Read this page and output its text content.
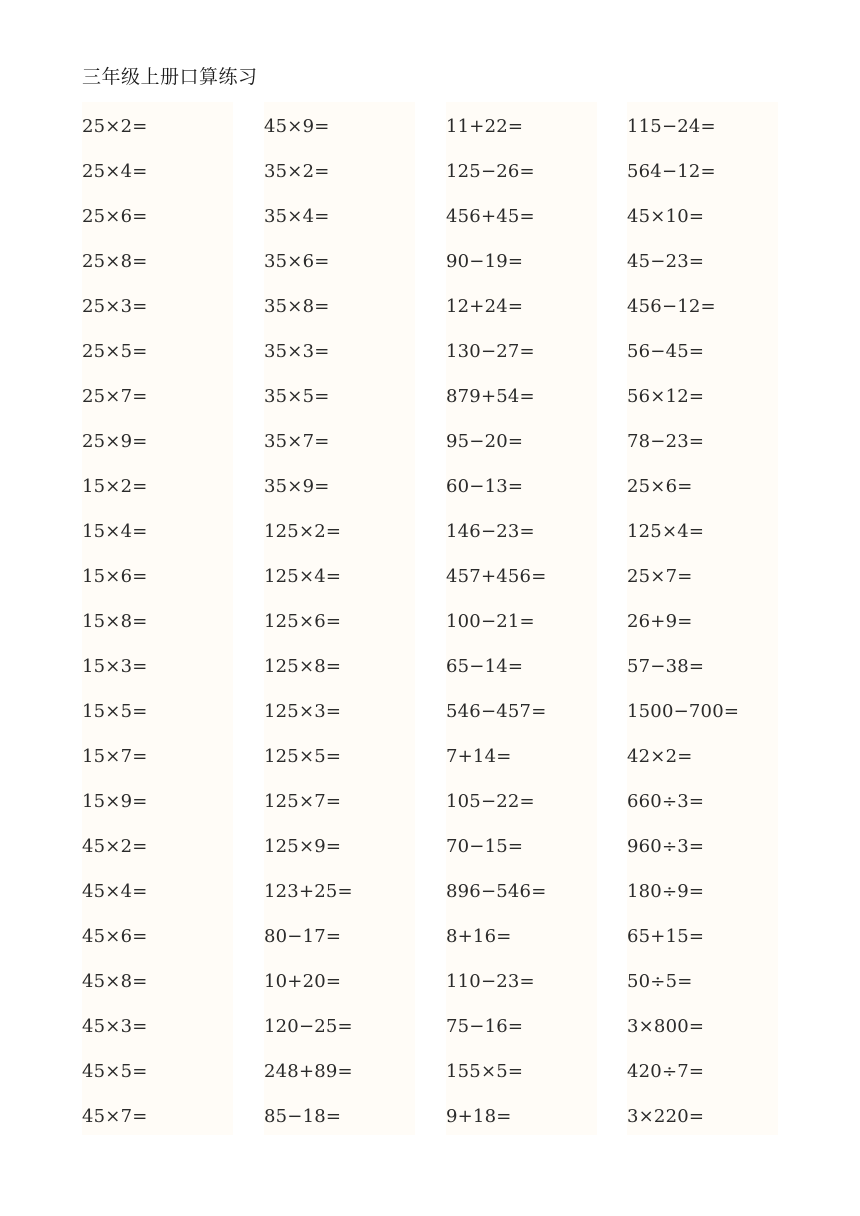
三年级上册口算练习
25×2=
25×4=
25×6=
25×8=
25×3=
25×5=
25×7=
25×9=
15×2=
15×4=
15×6=
15×8=
15×3=
15×5=
15×7=
15×9=
45×2=
45×4=
45×6=
45×8=
45×3=
45×5=
45×7=
45×9=
35×2=
35×4=
35×6=
35×8=
35×3=
35×5=
35×7=
35×9=
125×2=
125×4=
125×6=
125×8=
125×3=
125×5=
125×7=
125×9=
123+25=
80−17=
10+20=
120−25=
248+89=
85−18=
11+22=
125−26=
456+45=
90−19=
12+24=
130−27=
879+54=
95−20=
60−13=
146−23=
457+456=
100−21=
65−14=
546−457=
7+14=
105−22=
70−15=
896−546=
8+16=
110−23=
75−16=
155×5=
9+18=
115−24=
564−12=
45×10=
45−23=
456−12=
56−45=
56×12=
78−23=
25×6=
125×4=
25×7=
26+9=
57−38=
1500−700=
42×2=
660÷3=
960÷3=
180÷9=
65+15=
50÷5=
3×800=
420÷7=
3×220=
